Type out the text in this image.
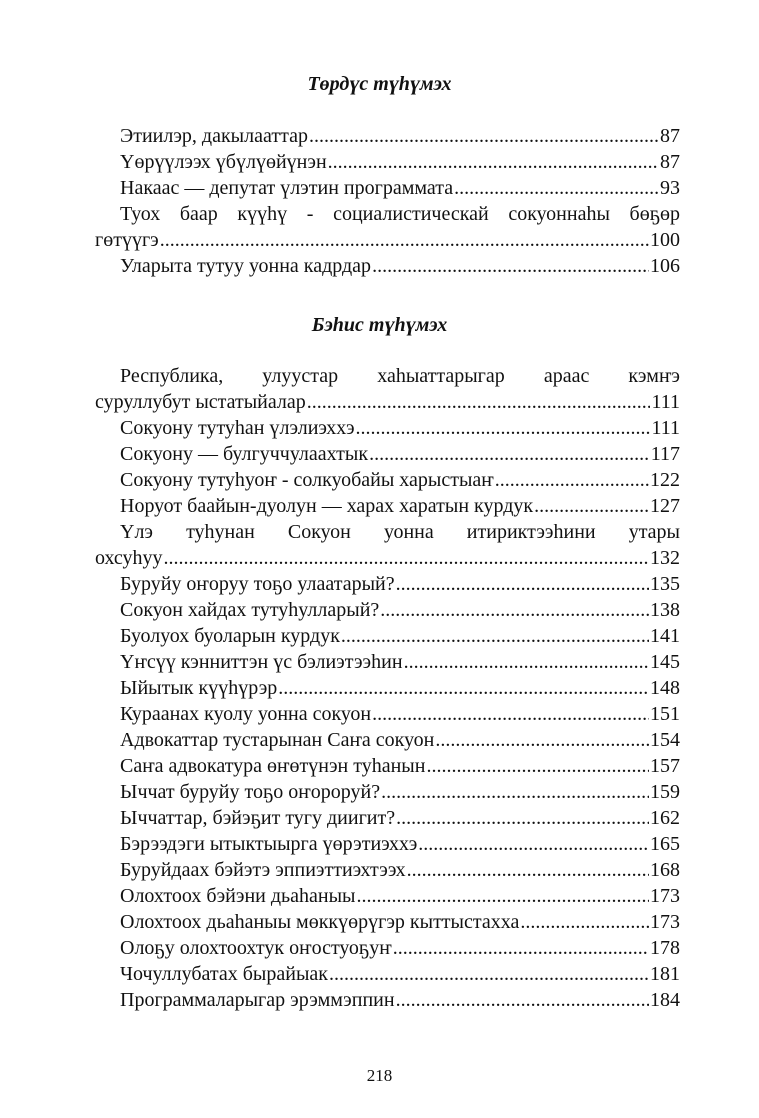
Төрдүс түһүмэх
Этиилэр, дакылааттар .....	87
Үөрүүлээх үбүлүөйүнэн .....	87
Накаас — депутат үлэтин программата .....	93
Туох баар күүһү - социалистическай сокуоннаһы бөҕөр
гөтүүгэ .....	100
Уларыта тутуу уонна кадрдар .....	106
Бэһис түһүмэх
Республика, улуустар хаһыаттарыгар араас кэмҥэ
суруллубут ыстатыйалар .....	111
Сокуону тутуһан үлэлиэххэ .....	111
Сокуону — булгуччулаахтык .....	117
Сокуону тутуһуоҥ - солкуобайы харыстыаҥ .....	122
Норуот баайын-дуолун — харах харатын курдук .....	127
Үлэ туһунан Сокуон уонна итириктээһини утары
охсуһуу .....	132
Буруйу оҥоруу тоҕо улаатарый? .....	135
Сокуон хайдах тутуһулларый? .....	138
Буолуох буоларын курдук .....	141
Үҥсүү кэнниттэн үс бэлиэтээһин .....	145
Ыйытык күүһүрэр .....	148
Кураанах куолу уонна сокуон .....	151
Адвокаттар тустарынан Саҥа сокуон .....	154
Саҥа адвокатура өҥөтүнэн туһанын .....	157
Ыччат буруйу тоҕо оҥороруй? .....	159
Ыччаттар, бэйэҕит тугу диигит? .....	162
Бэрээдэги ытыктыырга үөрэтиэххэ .....	165
Буруйдаах бэйэтэ эппиэттиэхтээх .....	168
Олохтоох бэйэни дьаһаныы .....	173
Олохтоох дьаһаныы мөккүөрүгэр кыттыстахха .....	173
Олоҕу олохтоохтук оҥостуоҕуҥ .....	178
Чочуллубатах бырайыак .....	181
Программаларыгар эрэммэппин .....	184
218
